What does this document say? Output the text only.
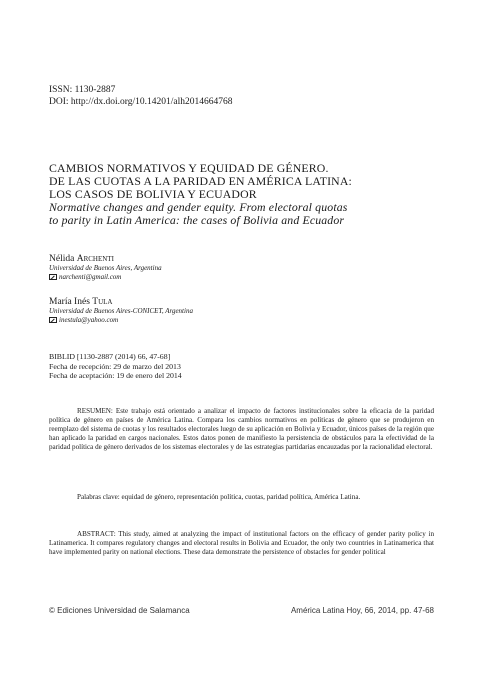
ISSN: 1130-2887
DOI: http://dx.doi.org/10.14201/alh2014664768
CAMBIOS NORMATIVOS Y EQUIDAD DE GÉNERO.
DE LAS CUOTAS A LA PARIDAD EN AMÉRICA LATINA:
LOS CASOS DE BOLIVIA Y ECUADOR
Normative changes and gender equity. From electoral quotas
to parity in Latin America: the cases of Bolivia and Ecuador
Nélida Archenti
Universidad de Buenos Aires, Argentina
narchenti@gmail.com
María Inés Tula
Universidad de Buenos Aires-CONICET, Argentina
inestula@yahoo.com
BIBLID [1130-2887 (2014) 66, 47-68]
Fecha de recepción: 29 de marzo del 2013
Fecha de aceptación: 19 de enero del 2014

RESUMEN: Este trabajo está orientado a analizar el impacto de factores institucionales sobre la eficacia de la paridad política de género en países de América Latina. Compara los cambios normativos en políticas de género que se produjeron en reemplazo del sistema de cuotas y los resultados electorales luego de su aplicación en Bolivia y Ecuador, únicos países de la región que han aplicado la paridad en cargos nacionales. Estos datos ponen de manifiesto la persistencia de obstáculos para la efectividad de la paridad política de género derivados de los sistemas electorales y de las estrategias partidarias encauzadas por la racionalidad electoral.

Palabras clave: equidad de género, representación política, cuotas, paridad política, América Latina.

ABSTRACT: This study, aimed at analyzing the impact of institutional factors on the efficacy of gender parity policy in Latinamerica. It compares regulatory changes and electoral results in Bolivia and Ecuador, the only two countries in Latinamerica that have implemented parity on national elections. These data demonstrate the persistence of obstacles for gender political

© Ediciones Universidad de Salamanca	América Latina Hoy, 66, 2014, pp. 47-68
